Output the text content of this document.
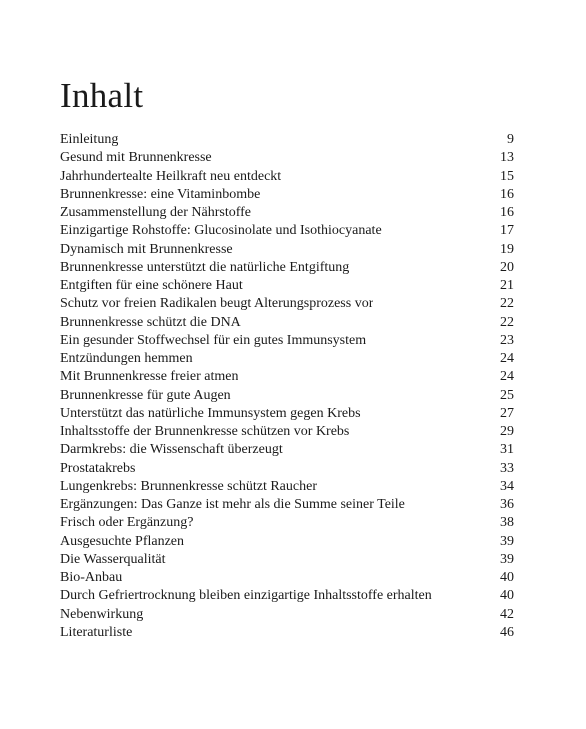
Inhalt
Einleitung	9
Gesund mit Brunnenkresse	13
Jahrhundertealte Heilkraft neu entdeckt	15
Brunnenkresse: eine Vitaminbombe	16
Zusammenstellung der Nährstoffe	16
Einzigartige Rohstoffe: Glucosinolate und Isothiocyanate	17
Dynamisch mit Brunnenkresse	19
Brunnenkresse unterstützt die natürliche Entgiftung	20
Entgiften für eine schönere Haut	21
Schutz vor freien Radikalen beugt Alterungsprozess vor	22
Brunnenkresse schützt die DNA	22
Ein gesunder Stoffwechsel für ein gutes Immunsystem	23
Entzündungen hemmen	24
Mit Brunnenkresse freier atmen	24
Brunnenkresse für gute Augen	25
Unterstützt das natürliche Immunsystem gegen Krebs	27
Inhaltsstoffe der Brunnenkresse schützen vor Krebs	29
Darmkrebs: die Wissenschaft überzeugt	31
Prostatakrebs	33
Lungenkrebs: Brunnenkresse schützt Raucher	34
Ergänzungen: Das Ganze ist mehr als die Summe seiner Teile	36
Frisch oder Ergänzung?	38
Ausgesuchte Pflanzen	39
Die Wasserqualität	39
Bio-Anbau	40
Durch Gefriertrocknung bleiben einzigartige Inhaltsstoffe erhalten	40
Nebenwirkung	42
Literaturliste	46
